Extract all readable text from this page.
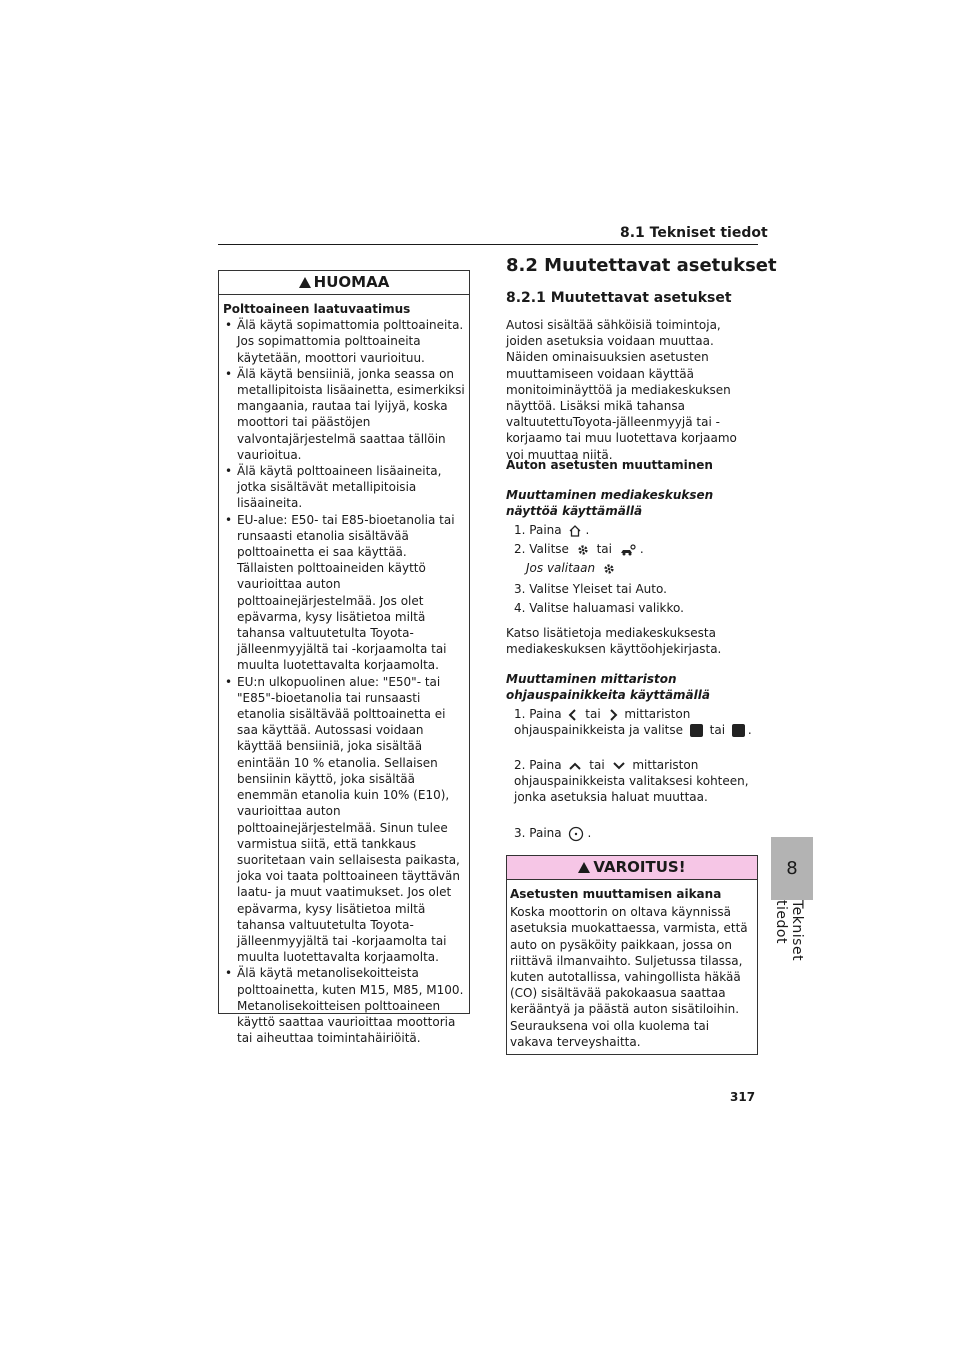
8.1 Tekniset tiedot
8
Tekniset tiedot
HUOMAA
Polttoaineen laatuvaatimus
• Älä käytä sopimattomia polttoaineita. Jos sopimattomia polttoaineita käytetään, moottori vaurioituu.
• Älä käytä bensiiniä, jonka seassa on metallipitoista lisäainetta, esimerkiksi mangaania, rautaa tai lyijyä, koska moottori tai päästöjen valvontajärjestelmä saattaa tällöin vaurioitua.
• Älä käytä polttoaineen lisäaineita, jotka sisältävät metallipitoisia lisäaineita.
• EU-alue: E50- tai E85-bioetanolia tai runsaasti etanolia sisältävää polttoainetta ei saa käyttää. Tällaisten polttoaineiden käyttö vaurioittaa auton polttoainejärjestelmää. Jos olet epävarma, kysy lisätietoa miltä tahansa valtuutetulta Toyota-jälleenmyyjältä tai -korjaamolta tai muulta luotettavalta korjaamolta.
• EU:n ulkopuolinen alue: "E50"- tai "E85"-bioetanolia tai runsaasti etanolia sisältävää polttoainetta ei saa käyttää. Autossasi voidaan käyttää bensiiniä, joka sisältää enintään 10 % etanolia. Sellaisen bensiinin käyttö, joka sisältää enemmän etanolia kuin 10% (E10), vaurioittaa auton polttoainejärjestelmää. Sinun tulee varmistua siitä, että tankkaus suoritetaan vain sellaisesta paikasta, joka voi taata polttoaineen täyttävän laatu- ja muut vaatimukset. Jos olet epävarma, kysy lisätietoa miltä tahansa valtuutetulta Toyota-jälleenmyyjältä tai -korjaamolta tai muulta luotettavalta korjaamolta.
• Älä käytä metanolisekoitteista polttoainetta, kuten M15, M85, M100. Metanolisekoitteisen polttoaineen käyttö saattaa vaurioittaa moottoria tai aiheuttaa toimintahäiriöitä.
8.2 Muutettavat asetukset
8.2.1 Muutettavat asetukset
Autosi sisältää sähköisiä toimintoja, joiden asetuksia voidaan muuttaa. Näiden ominaisuuksien asetusten muuttamiseen voidaan käyttää monitoiminäyttöä ja mediakeskuksen näyttöä. Lisäksi mikä tahansa valtuutettuToyota-jälleenmyyjä tai -korjaamo tai muu luotettava korjaamo voi muuttaa niitä.
Auton asetusten muuttaminen
Muuttaminen mediakeskuksen näyttöä käyttämällä
1. Paina .
2. Valitse tai .
Jos valitaan
3. Valitse Yleiset tai Auto.
4. Valitse haluamasi valikko.
Katso lisätietoja mediakeskuksesta mediakeskuksen käyttöohjekirjasta.
Muuttaminen mittariston ohjauspainikkeita käyttämällä
1. Paina tai mittariston ohjauspainikkeista ja valitse tai .
2. Paina tai mittariston ohjauspainikkeista valitaksesi kohteen, jonka asetuksia haluat muuttaa.
3. Paina .
VAROITUS!
Asetusten muuttamisen aikana
Koska moottorin on oltava käynnissä asetuksia muokattaessa, varmista, että auto on pysäköity paikkaan, jossa on riittävä ilmanvaihto. Suljetussa tilassa, kuten autotallissa, vahingollista häkää (CO) sisältävää pakokaasua saattaa kerääntyä ja päästä auton sisätiloihin. Seurauksena voi olla kuolema tai vakava terveyshaitta.
317
